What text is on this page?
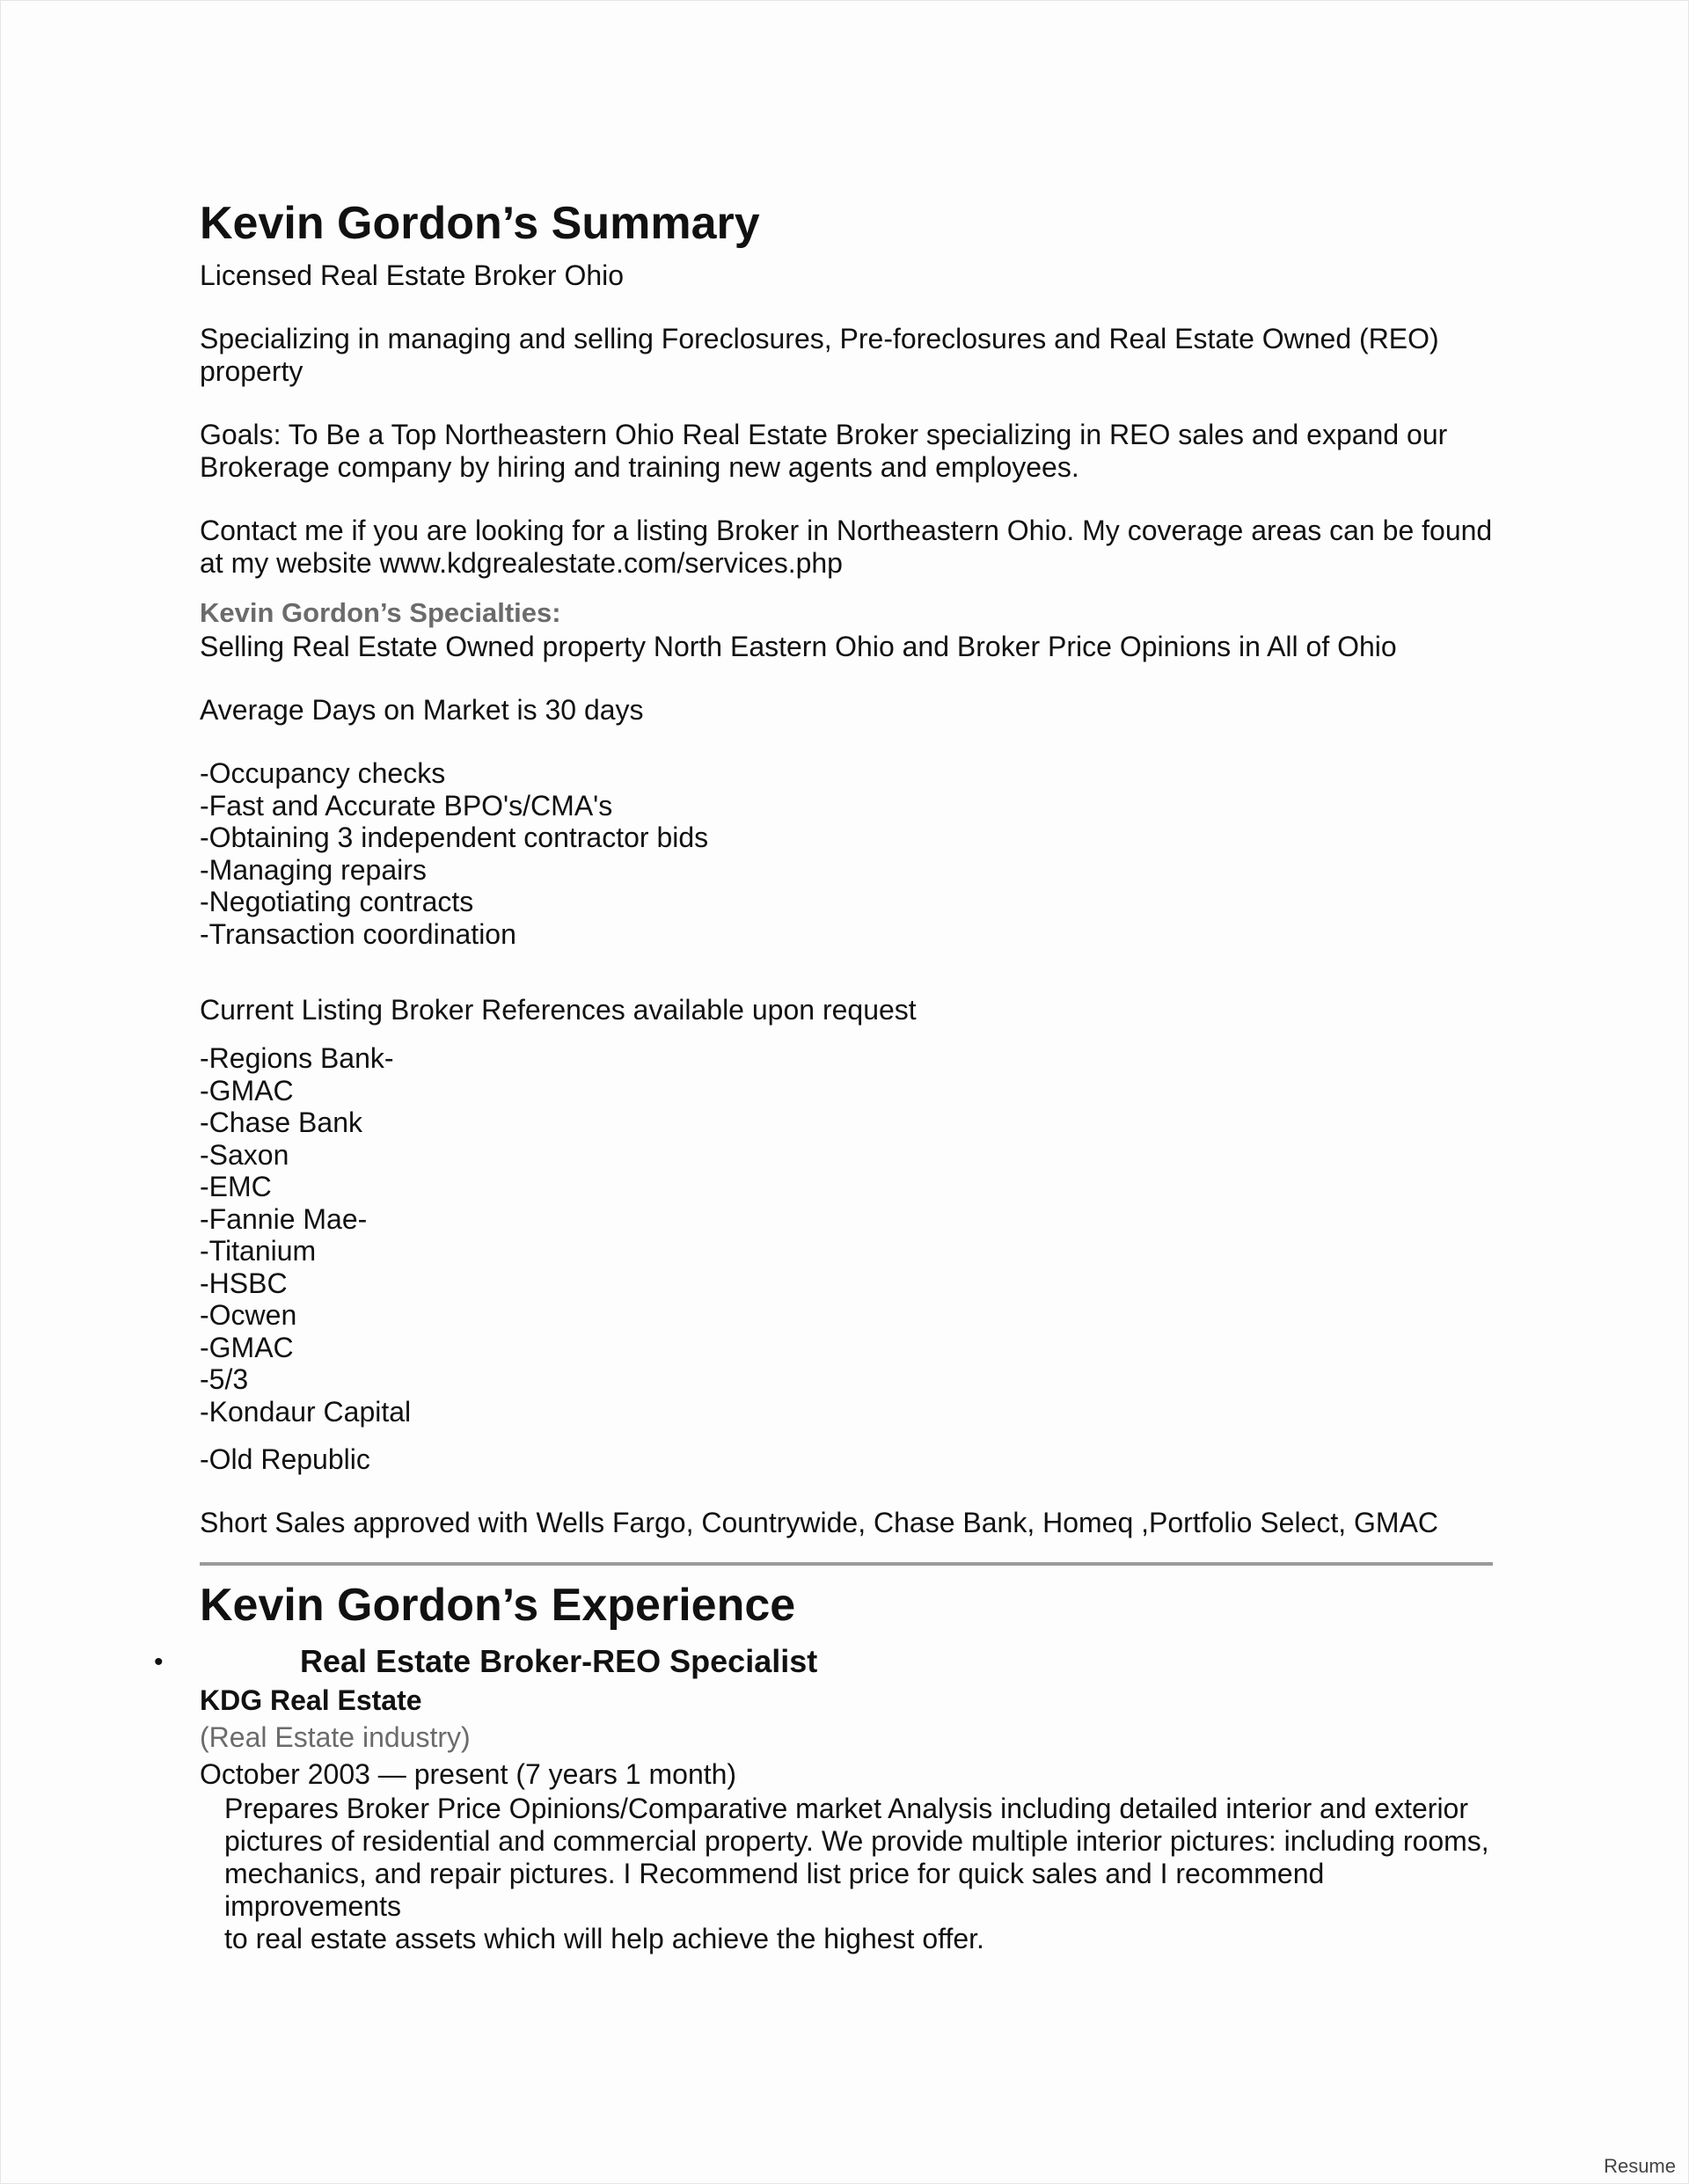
Kevin Gordon’s Summary

Licensed Real Estate Broker Ohio

Specializing in managing and selling Foreclosures, Pre-foreclosures and Real Estate Owned (REO)

property

Goals: To Be a Top Northeastern Ohio Real Estate Broker specializing in REO sales and expand our

Brokerage company by hiring and training new agents and employees.

Contact me if you are looking for a listing Broker in Northeastern Ohio. My coverage areas can be found

at my website www.kdgrealestate.com/services.php

Kevin Gordon’s Specialties:

Selling Real Estate Owned property North Eastern Ohio and Broker Price Opinions in All of Ohio

Average Days on Market is 30 days

-Occupancy checks
-Fast and Accurate BPO's/CMA's
-Obtaining 3 independent contractor bids
-Managing repairs
-Negotiating contracts
-Transaction coordination

Current Listing Broker References available upon request

-Regions Bank-
-GMAC
-Chase Bank
-Saxon
-EMC
-Fannie Mae-
-Titanium
-HSBC
-Ocwen
-GMAC
-5/3
-Kondaur Capital

-Old Republic

Short Sales approved with Wells Fargo, Countrywide, Chase Bank, Homeq ,Portfolio Select, GMAC

Kevin Gordon’s Experience
•	Real Estate Broker-REO Specialist
KDG Real Estate
(Real Estate industry)
October 2003 — present (7 years 1 month)
Prepares Broker Price Opinions/Comparative market Analysis including detailed interior and exterior
pictures of residential and commercial property. We provide multiple interior pictures: including rooms,
mechanics, and repair pictures. I Recommend list price for quick sales and I recommend improvements
to real estate assets which will help achieve the highest offer.
Resume
